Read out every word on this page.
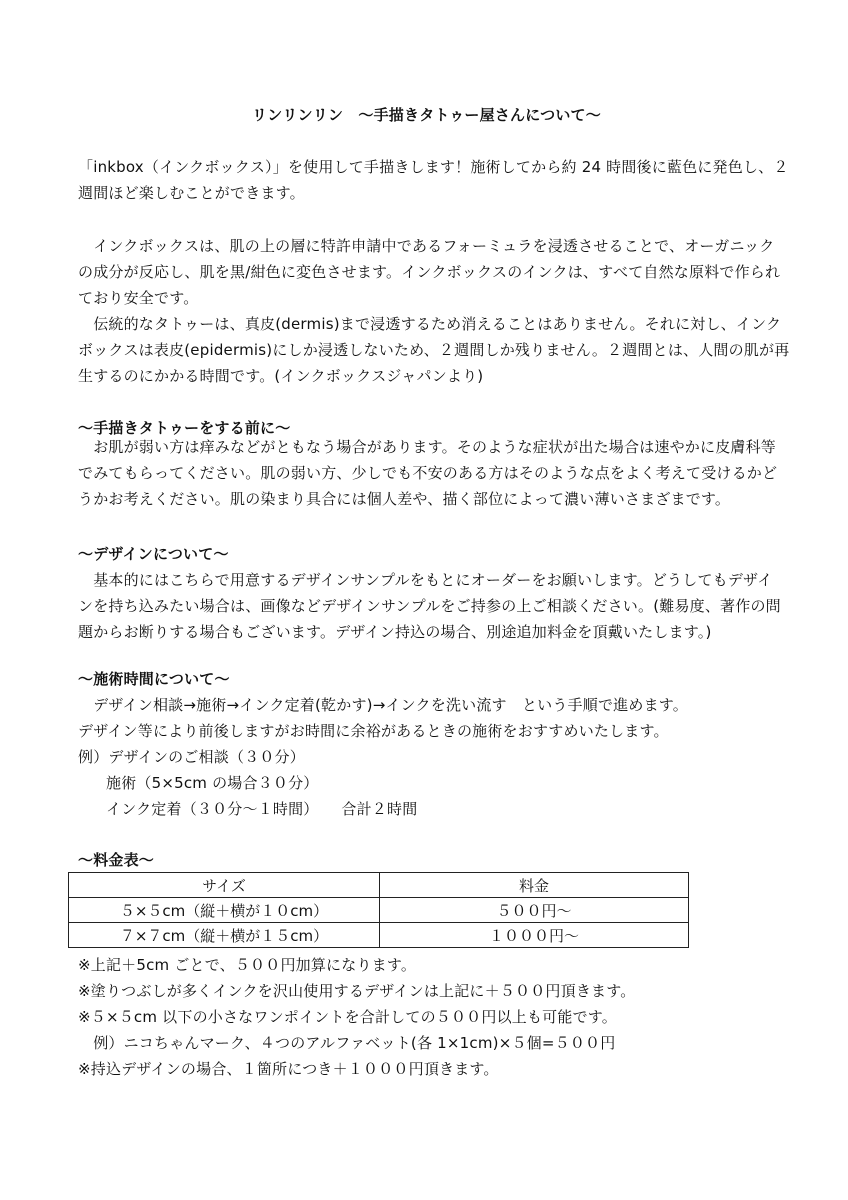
リンリンリン　～手描きタトゥー屋さんについて～
「inkbox（インクボックス）」を使用して手描きします！施術してから約 24 時間後に藍色に発色し、２
週間ほど楽しむことができます。
　インクボックスは、肌の上の層に特許申請中であるフォーミュラを浸透させることで、オーガニック
の成分が反応し、肌を黒/紺色に変色させます。インクボックスのインクは、すべて自然な原料で作られ
ており安全です。
　伝統的なタトゥーは、真皮(dermis)まで浸透するため消えることはありません。それに対し、インク
ボックスは表皮(epidermis)にしか浸透しないため、２週間しか残りません。２週間とは、人間の肌が再
生するのにかかる時間です。(インクボックスジャパンより)
～手描きタトゥーをする前に～
　お肌が弱い方は痒みなどがともなう場合があります。そのような症状が出た場合は速やかに皮膚科等
でみてもらってください。肌の弱い方、少しでも不安のある方はそのような点をよく考えて受けるかど
うかお考えください。肌の染まり具合には個人差や、描く部位によって濃い薄いさまざまです。
～デザインについて～
　基本的にはこちらで用意するデザインサンプルをもとにオーダーをお願いします。どうしてもデザイ
ンを持ち込みたい場合は、画像などデザインサンプルをご持参の上ご相談ください。(難易度、著作の問
題からお断りする場合もございます。デザイン持込の場合、別途追加料金を頂戴いたします。)
～施術時間について～
　デザイン相談→施術→インク定着(乾かす)→インクを洗い流す　という手順で進めます。
デザイン等により前後しますがお時間に余裕があるときの施術をおすすめいたします。
例）デザインのご相談（３０分）
施術（5×5cm の場合３０分）
インク定着（３０分～１時間）　　合計２時間
～料金表～
サイズ	料金
５×５cm（縦＋横が１０cm）	５００円～
７×７cm（縦＋横が１５cm）	１０００円～
※上記＋5cm ごとで、５００円加算になります。
※塗りつぶしが多くインクを沢山使用するデザインは上記に＋５００円頂きます。
※５×５cm 以下の小さなワンポイントを合計しての５００円以上も可能です。
　例）ニコちゃんマーク、４つのアルファベット(各 1×1cm)×５個=５００円
※持込デザインの場合、１箇所につき＋１０００円頂きます。
